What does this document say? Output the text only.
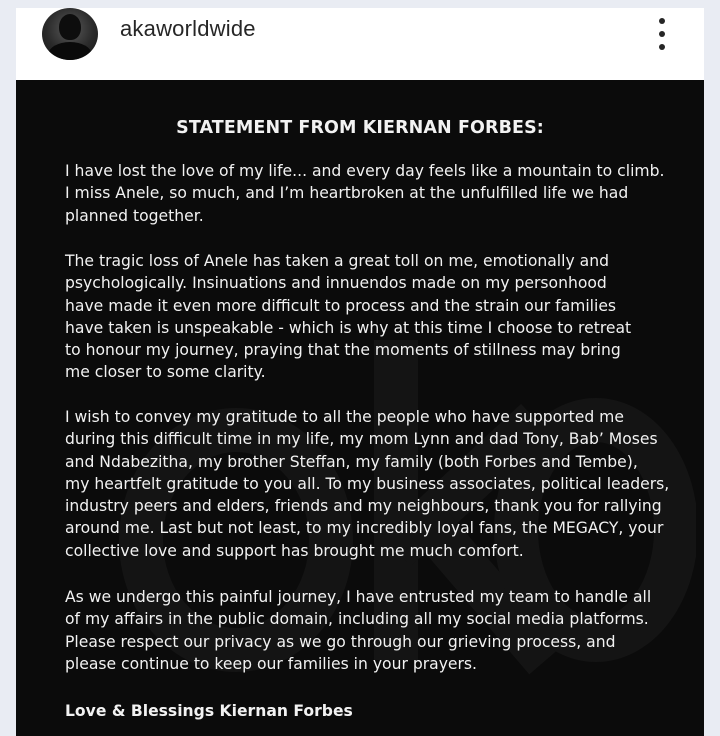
akaworldwide
STATEMENT FROM KIERNAN FORBES:
I have lost the love of my life... and every day feels like a mountain to climb.
I miss Anele, so much, and I’m heartbroken at the unfulfilled life we had
planned together.
The tragic loss of Anele has taken a great toll on me, emotionally and
psychologically. Insinuations and innuendos made on my personhood
have made it even more difficult to process and the strain our families
have taken is unspeakable - which is why at this time I choose to retreat
to honour my journey, praying that the moments of stillness may bring
me closer to some clarity.
I wish to convey my gratitude to all the people who have supported me
during this difficult time in my life, my mom Lynn and dad Tony, Bab’ Moses
and Ndabezitha, my brother Steffan, my family (both Forbes and Tembe),
my heartfelt gratitude to you all. To my business associates, political leaders,
industry peers and elders, friends and my neighbours, thank you for rallying
around me. Last but not least, to my incredibly loyal fans, the MEGACY, your
collective love and support has brought me much comfort.
As we undergo this painful journey, I have entrusted my team to handle all
of my affairs in the public domain, including all my social media platforms.
Please respect our privacy as we go through our grieving process, and
please continue to keep our families in your prayers.
Love & Blessings Kiernan Forbes
